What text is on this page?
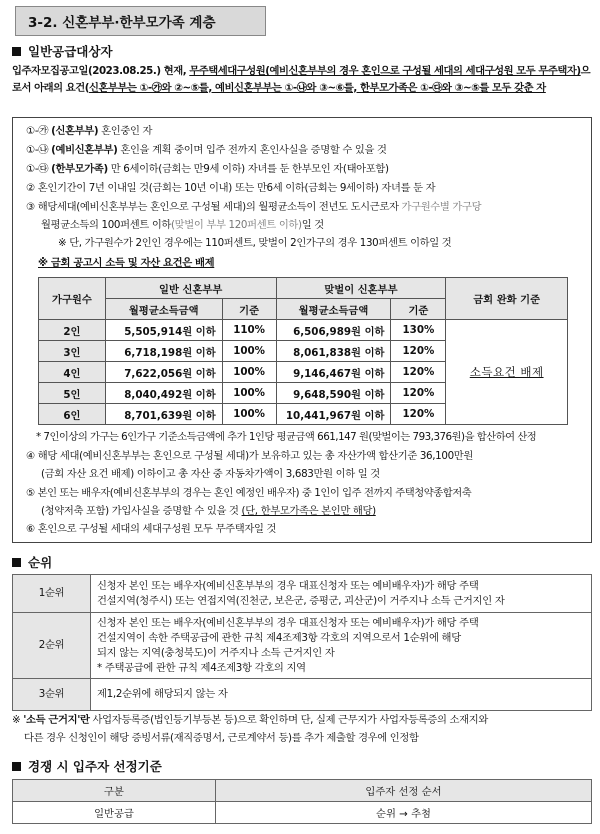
3-2. 신혼부부·한부모가족 계층
일반공급대상자
입주자모집공고일(2023.08.25.) 현재, 무주택세대구성원(예비신혼부부의 경우 혼인으로 구성될 세대의 세대구성원 모두 무주택자)으로서 아래의 요건(신혼부부는 ①-㉮와 ②~⑤를, 예비신혼부부는 ①-㉯와 ③~⑥를, 한부모가족은 ①-㉰와 ③~⑤를 모두 갖춘 자
①-㉮ (신혼부부) 혼인중인 자
①-㉯ (예비신혼부부) 혼인을 계획 중이며 입주 전까지 혼인사실을 증명할 수 있을 것
①-㉰ (한부모가족) 만 6세이하(금회는 만9세 이하) 자녀를 둔 한부모인 자(태아포함)
② 혼인기간이 7년 이내일 것(금회는 10년 이내) 또는 만6세 이하(금회는 9세이하) 자녀를 둔 자
③ 해당세대(예비신혼부부는 혼인으로 구성될 세대)의 월평균소득이 전년도 도시근로자 가구원수별 가구당
월평균소득의 100퍼센트 이하(맞벌이 부부 120퍼센트 이하)일 것
※ 단, 가구원수가 2인인 경우에는 110퍼센트, 맞벌이 2인가구의 경우 130퍼센트 이하일 것
※ 금회 공고시 소득 및 자산 요건은 배제
가구원수	일반 신혼부부		맞벌이 신혼부부		금회 완화 기준
	월평균소득금액	기준	월평균소득금액	기준	
2인	5,505,914원 이하	110%	6,506,989원 이하	130%	소득요건 배제
3인	6,718,198원 이하	100%	8,061,838원 이하	120%	
4인	7,622,056원 이하	100%	9,146,467원 이하	120%	
5인	8,040,492원 이하	100%	9,648,590원 이하	120%	
6인	8,701,639원 이하	100%	10,441,967원 이하	120%	
* 7인이상의 가구는 6인가구 기준소득금액에 추가 1인당 평균금액 661,147 원(맞벌이는 793,376원)을 합산하여 산정
④ 해당 세대(예비신혼부부는 혼인으로 구성될 세대)가 보유하고 있는 총 자산가액 합산기준 36,100만원
(금회 자산 요건 배제) 이하이고 총 자산 중 자동차가액이 3,683만원 이하 일 것
⑤ 본인 또는 배우자(예비신혼부부의 경우는 혼인 예정인 배우자) 중 1인이 입주 전까지 주택청약종합저축
(청약저축 포함) 가입사실을 증명할 수 있을 것 (단, 한부모가족은 본인만 해당)
⑥ 혼인으로 구성될 세대의 세대구성원 모두 무주택자일 것
순위
1순위	신청자 본인 또는 배우자(예비신혼부부의 경우 대표신청자 또는 예비배우자)가 해당 주택
건설지역(청주시) 또는 연접지역(진천군, 보은군, 증평군, 괴산군)이 거주지나 소득 근거지인 자
2순위	신청자 본인 또는 배우자(예비신혼부부의 경우 대표신청자 또는 예비배우자)가 해당 주택
건설지역이 속한 주택공급에 관한 규칙 제4조제3항 각호의 지역으로서 1순위에 해당
되지 않는 지역(충청북도)이 거주지나 소득 근거지인 자
* 주택공급에 관한 규칙 제4조제3항 각호의 지역
3순위	제1,2순위에 해당되지 않는 자
※ '소득 근거지'란 사업자등록증(법인등기부등본 등)으로 확인하며 단, 실제 근무지가 사업자등록증의 소재지와
다른 경우 신청인이 해당 증빙서류(재직증명서, 근로계약서 등)를 추가 제출할 경우에 인정함
경쟁 시 입주자 선정기준
구분	입주자 선정 순서
일반공급	순위 → 추첨
